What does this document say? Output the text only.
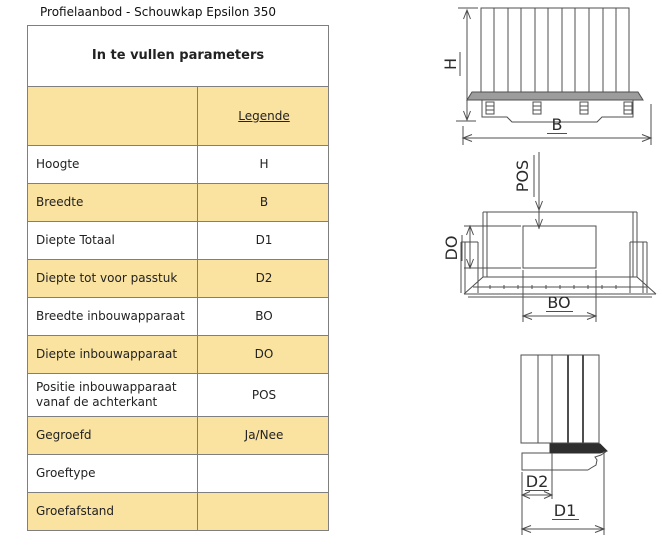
Profielaanbod - Schouwkap Epsilon 350
In te vullen parameters	
	Legende
Hoogte	H
Breedte	B
Diepte Totaal	D1
Diepte tot voor passtuk	D2
Breedte inbouwapparaat	BO
Diepte inbouwapparaat	DO
Positie inbouwapparaat vanaf de achterkant	POS
Gegroefd	Ja/Nee
Groeftype	
Groefafstand	
H
B
POS
DO
BO
D2
D1
